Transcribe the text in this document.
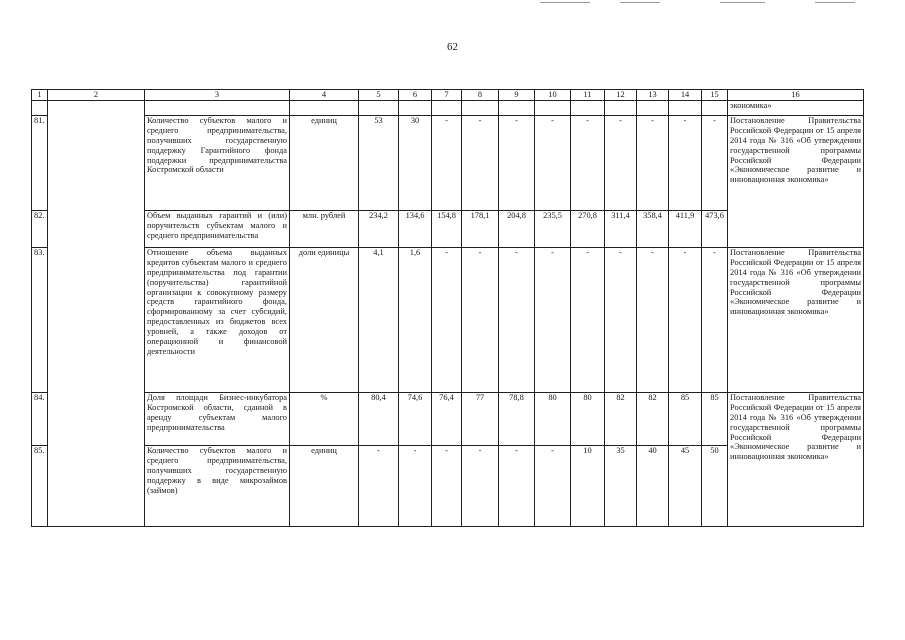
62
1	2	3	4	5	6	7	8	9	10	11	12	13	14	15	16
															экономика»
81.		Количество субъектов малого и среднего предпринимательства, получивших государственную поддержку Гарантийного фонда поддержки предпринимательства Костромской области	единиц	53	30	-	-	-	-	-	-	-	-	-	Постановление Правительства Российской Федерации от 15 апреля 2014 года № 316 «Об утверждении государственной программы Российской Федерации «Экономическое развитие и инновационная экономика»
82.		Объем выданных гарантий и (или) поручительств субъектам малого и среднего предпринимательства	млн. рублей	234,2	134,6	154,8	178,1	204,8	235,5	270,8	311,4	358,4	411,9	473,6	
83.		Отношение объема выданных кредитов субъектам малого и среднего предпринимательства под гарантии (поручительства) гарантийной организации к совокупному размеру средств гарантийного фонда, сформированному за счет субсидий, предоставленных из бюджетов всех уровней, а также доходов от операционной и финансовой деятельности	доли единицы	4,1	1,6	-	-	-	-	-	-	-	-	-	Постановление Правительства Российской Федерации от 15 апреля 2014 года № 316 «Об утверждении государственной программы Российской Федерации «Экономическое развитие и инновационная экономика»
84.		Доля площади Бизнес-инкубатора Костромской области, сданной в аренду субъектам малого предпринимательства	%	80,4	74,6	76,4	77	78,8	80	80	82	82	85	85	Постановление Правительства Российской Федерации от 15 апреля 2014 года № 316 «Об утверждении государственной программы Российской Федерации «Экономическое развитие и инновационная экономика»
85.		Количество субъектов малого и среднего предпринимательства, получивших государственную поддержку в виде микрозаймов (займов)	единиц	-	-	-	-	-	-	10	35	40	45	50	
